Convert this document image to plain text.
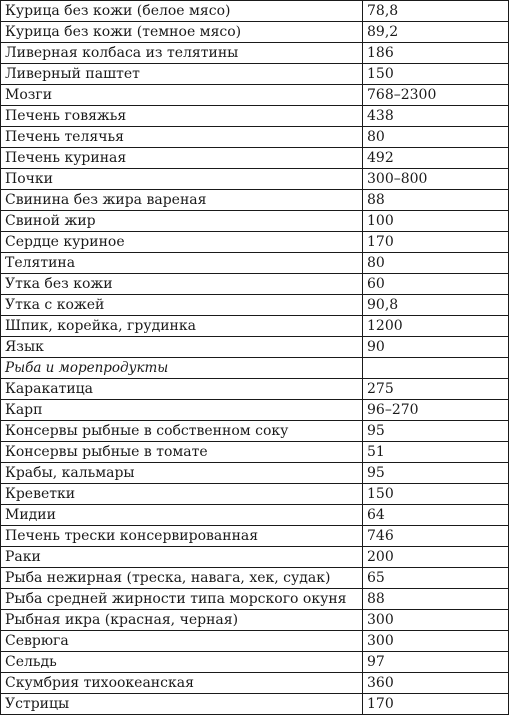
Курица без кожи (белое мясо)	78,8
Курица без кожи (темное мясо)	89,2
Ливерная колбаса из телятины	186
Ливерный паштет	150
Мозги	768–2300
Печень говяжья	438
Печень телячья	80
Печень куриная	492
Почки	300–800
Свинина без жира вареная	88
Свиной жир	100
Сердце куриное	170
Телятина	80
Утка без кожи	60
Утка с кожей	90,8
Шпик, корейка, грудинка	1200
Язык	90
Рыба и морепродукты	
Каракатица	275
Карп	96–270
Консервы рыбные в собственном соку	95
Консервы рыбные в томате	51
Крабы, кальмары	95
Креветки	150
Мидии	64
Печень трески консервированная	746
Раки	200
Рыба нежирная (треска, навага, хек, судак)	65
Рыба средней жирности типа морского окуня	88
Рыбная икра (красная, черная)	300
Севрюга	300
Сельдь	97
Скумбрия тихоокеанская	360
Устрицы	170
